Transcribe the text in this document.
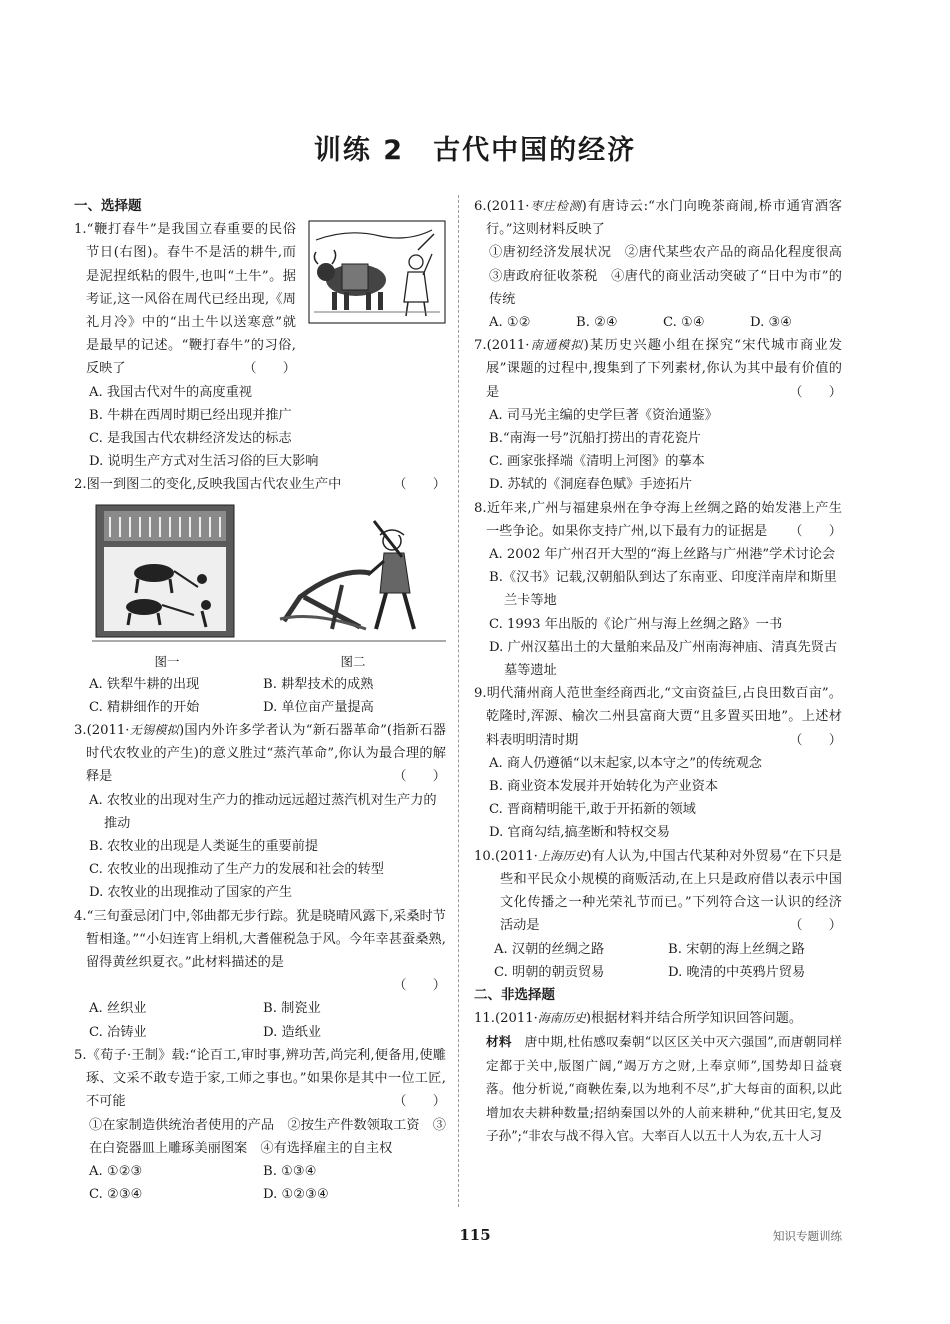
训练 2　古代中国的经济
一、选择题

1.“鞭打春牛”是我国立春重要的民俗节日(右图)。春牛不是活的耕牛,而是泥捏纸粘的假牛,也叫“土牛”。据考证,这一风俗在周代已经出现,《周礼月冷》中的“出土牛以送寒意”就是最早的记述。“鞭打春牛”的习俗,反映了	（　　）

A. 我国古代对牛的高度重视
B. 牛耕在西周时期已经出现并推广
C. 是我国古代农耕经济发达的标志
D. 说明生产方式对生活习俗的巨大影响

2.图一到图二的变化,反映我国古代农业生产中	（　　）

图一	图二
A. 铁犁牛耕的出现	B. 耕犁技术的成熟
C. 精耕细作的开始	D. 单位亩产量提高

3.(2011·无锡模拟)国内外许多学者认为“新石器革命”(指新石器时代农牧业的产生)的意义胜过“蒸汽革命”,你认为最合理的解释是	（　　）

A. 农牧业的出现对生产力的推动远远超过蒸汽机对生产力的推动
B. 农牧业的出现是人类诞生的重要前提
C. 农牧业的出现推动了生产力的发展和社会的转型
D. 农牧业的出现推动了国家的产生

4.“三旬蚕忌闭门中,邻曲都无步行踪。犹是晓晴风露下,采桑时节暂相逢。”“小妇连宵上绢机,大耆催税急于风。今年幸甚蚕桑熟,留得黄丝织夏衣。”此材料描述的是

（　　）
A. 丝织业	B. 制瓷业
C. 冶铸业	D. 造纸业

5.《荀子·王制》载:“论百工,审时事,辨功苦,尚完利,便备用,使雕琢、文采不敢专造于家,工师之事也。”如果你是其中一位工匠,不可能	（　　）

①在家制造供统治者使用的产品　②按生产件数领取工资　③在白瓷器皿上雕琢美丽图案　④有选择雇主的自主权

A. ①②③	B. ①③④
C. ②③④	D. ①②③④

6.(2011·枣庄检测)有唐诗云:“水门向晚茶商闹,桥市通宵酒客行。”这则材料反映了

①唐初经济发展状况　②唐代某些农产品的商品化程度很高　③唐政府征收茶税　④唐代的商业活动突破了“日中为市”的传统

A. ①②	B. ②④	C. ①④	D. ③④

7.(2011·南通模拟)某历史兴趣小组在探究“宋代城市商业发展”课题的过程中,搜集到了下列素材,你认为其中最有价值的是	（　　）

A. 司马光主编的史学巨著《资治通鉴》
B.“南海一号”沉船打捞出的青花瓷片
C. 画家张择端《清明上河图》的摹本
D. 苏轼的《洞庭春色赋》手迹拓片

8.近年来,广州与福建泉州在争夺海上丝绸之路的始发港上产生一些争论。如果你支持广州,以下最有力的证据是 （　　）

A. 2002 年广州召开大型的“海上丝路与广州港”学术讨论会
B.《汉书》记载,汉朝船队到达了东南亚、印度洋南岸和斯里兰卡等地
C. 1993 年出版的《论广州与海上丝绸之路》一书
D. 广州汉墓出土的大量舶来品及广州南海神庙、清真先贤古墓等遗址

9.明代蒲州商人范世奎经商西北,“文亩资益巨,占良田数百亩”。乾隆时,浑源、榆次二州县富商大贾“且多置买田地”。上述材料表明明清时期	（　　）

A. 商人仍遵循“以末起家,以本守之”的传统观念
B. 商业资本发展并开始转化为产业资本
C. 晋商精明能干,敢于开拓新的领域
D. 官商勾结,搞垄断和特权交易

10.(2011·上海历史)有人认为,中国古代某种对外贸易“在下只是些和平民众小规模的商贩活动,在上只是政府借以表示中国文化传播之一种光荣礼节而已。”下列符合这一认识的经济活动是	（　　）

A. 汉朝的丝绸之路	B. 宋朝的海上丝绸之路
C. 明朝的朝贡贸易	D. 晚清的中英鸦片贸易
二、非选择题

11.(2011·海南历史)根据材料并结合所学知识回答问题。

材料　唐中期,杜佑感叹秦朝“以区区关中灭六强国”,而唐朝同样定都于关中,版图广阔,“竭万方之财,上奉京师”,国势却日益衰落。他分析说,“商鞅佐秦,以为地利不尽”,扩大每亩的面积,以此增加农夫耕种数量;招纳秦国以外的人前来耕种,“优其田宅,复及子孙”;“非农与战不得入官。大率百人以五十人为农,五十人习

115	知识专题训练
